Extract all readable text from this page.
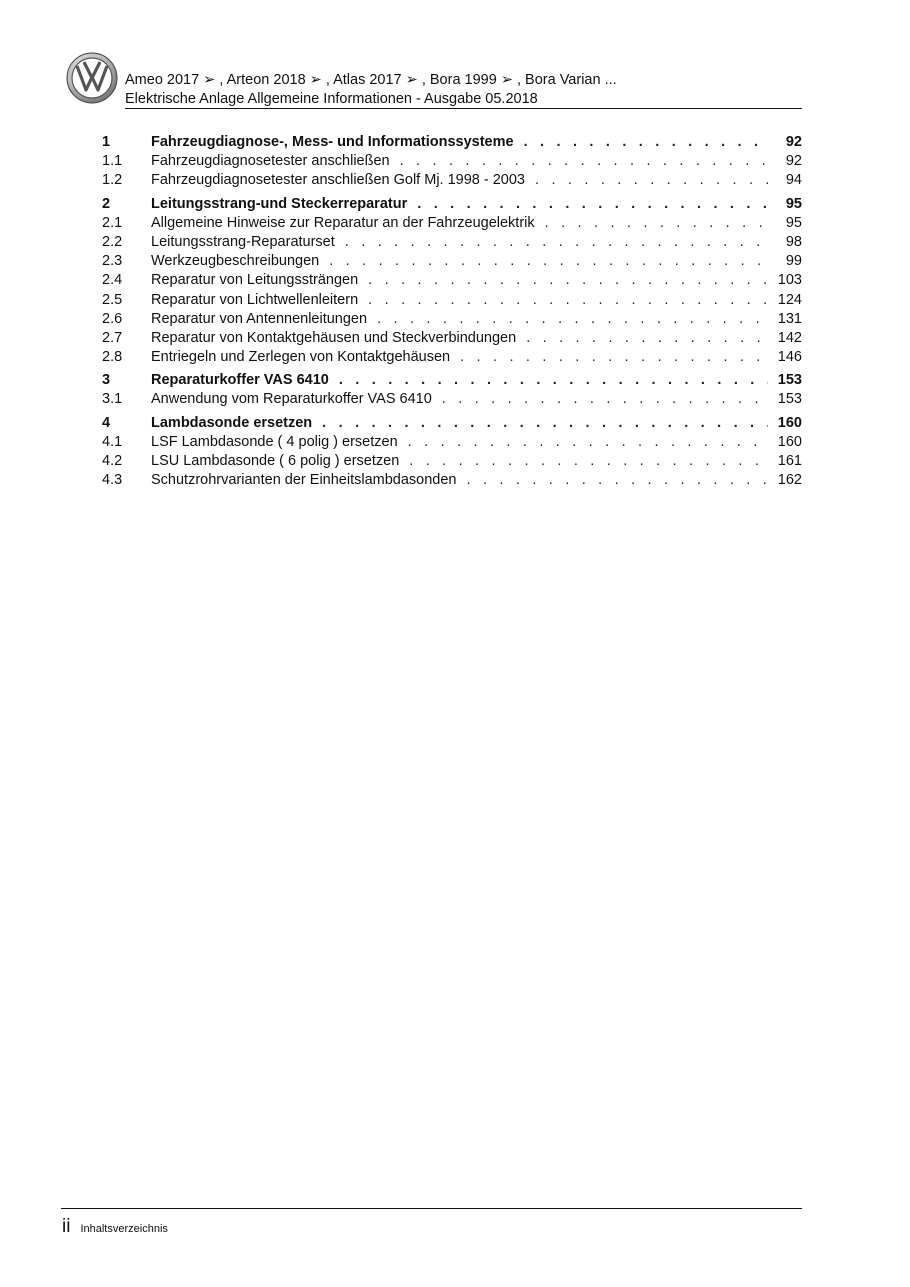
Ameo 2017 ➢ , Arteon 2018 ➢ , Atlas 2017 ➢ , Bora 1999 ➢ , Bora Varian ...
Elektrische Anlage Allgemeine Informationen - Ausgabe 05.2018
1	Fahrzeugdiagnose-, Mess- und Informationssysteme . . .	92
1.1	Fahrzeugdiagnosetester anschließen . . .	92
1.2	Fahrzeugdiagnosetester anschließen Golf Mj. 1998 - 2003 . . .	94
2	Leitungsstrang-und Steckerreparatur . . .	95
2.1	Allgemeine Hinweise zur Reparatur an der Fahrzeugelektrik . . .	95
2.2	Leitungsstrang-Reparaturset . . .	98
2.3	Werkzeugbeschreibungen . . .	99
2.4	Reparatur von Leitungssträngen . . .	103
2.5	Reparatur von Lichtwellenleitern . . .	124
2.6	Reparatur von Antennenleitungen . . .	131
2.7	Reparatur von Kontaktgehäusen und Steckverbindungen . . .	142
2.8	Entriegeln und Zerlegen von Kontaktgehäusen . . .	146
3	Reparaturkoffer VAS 6410 . . .	153
3.1	Anwendung vom Reparaturkoffer VAS 6410 . . .	153
4	Lambdasonde ersetzen . . .	160
4.1	LSF Lambdasonde ( 4 polig ) ersetzen . . .	160
4.2	LSU Lambdasonde ( 6 polig ) ersetzen . . .	161
4.3	Schutzrohrvarianten der Einheitslambdasonden . . .	162
ii Inhaltsverzeichnis
